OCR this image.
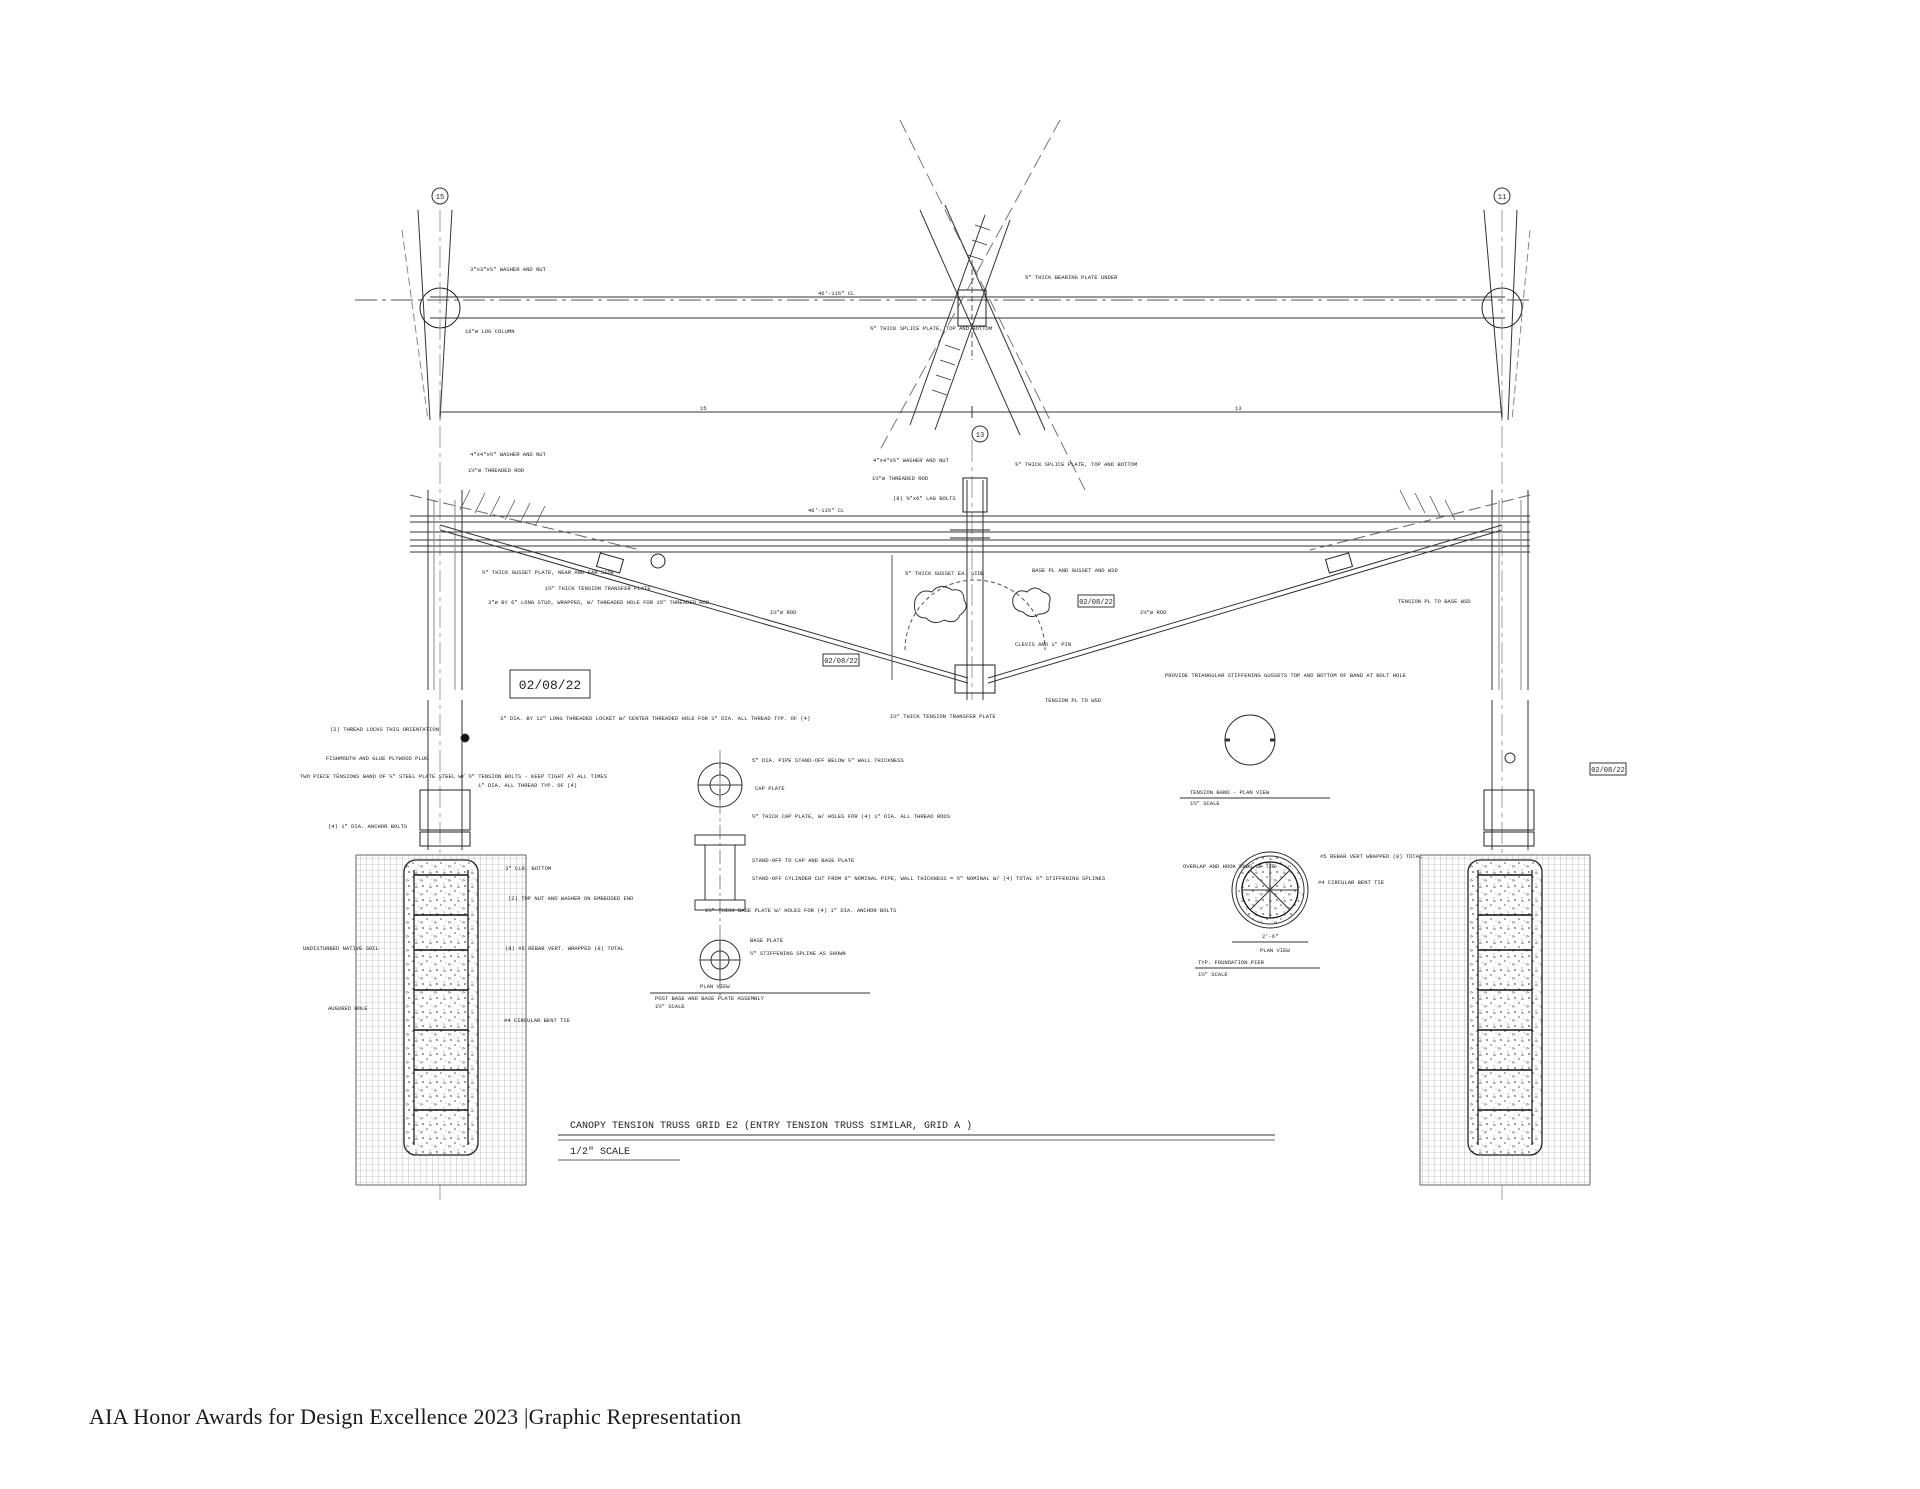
15	11
13
3"x3"x¼" WASHER AND NUT
16"ø LOG COLUMN
¾" THICK BEARING PLATE UNDER
¾" THICK SPLICE PLATE, TOP AND BOTTOM
46'-11½" CL
15	13
4"x4"x½" WASHER AND NUT
1½"ø THREADED ROD
46'-11½" CL
½" THICK GUSSET PLATE, NEAR AND FAR SIDE
1½" THICK TENSION TRANSFER PLATE
3"ø BY 6" LONG STUD, WRAPPED, W/ THREADED HOLE FOR 1½" THREADED ROD
4"x4"x½" WASHER AND NUT
1½"ø THREADED ROD
¾" THICK SPLICE PLATE, TOP AND BOTTOM
(8) ⅝"x6" LAG BOLTS
¾" THICK GUSSET EA. SIDE	BASE PL AND GUSSET AND WSD
CLEVIS AND 1" PIN
TENSION PL TO WSD
1½" THICK TENSION TRANSFER PLATE
TENSION PL TO BASE WSD
1½"ø ROD	1½"ø ROD
PROVIDE TRIANGULAR STIFFENING GUSSETS TOP AND BOTTOM OF BAND AT BOLT HOLE
02/08/22
02/08/22
02/08/22
02/08/22
(2) THREAD LOCKS THIS ORIENTATION
3" DIA. BY 12" LONG THREADED LOCKET W/ CENTER THREADED HOLE FOR 1" DIA. ALL THREAD TYP. OF (4)
FISHMOUTH AND GLUE PLYWOOD PLUG
TWO PIECE TENSIONS BAND OF ¼" STEEL PLATE STEEL W/ ½" TENSION BOLTS - KEEP TIGHT AT ALL TIMES
1" DIA. ALL THREAD TYP. OF (4)
(4) 1" DIA. ANCHOR BOLTS
3" CLR. BOTTOM
(2) TOP NUT AND WASHER ON EMBEDDED END
UNDISTURBED NATIVE SOIL	(8) #5 REBAR VERT. WRAPPED (8) TOTAL
AUGURED HOLE
#4 CIRCULAR BENT TIE
5" DIA. PIPE STAND-OFF BELOW ¼" WALL THICKNESS
CAP PLATE
½" THICK CAP PLATE, W/ HOLES FOR (4) 1" DIA. ALL THREAD RODS
STAND-OFF TO CAP AND BASE PLATE
STAND-OFF CYLINDER CUT FROM 6" NOMINAL PIPE, WALL THICKNESS = ½" NOMINAL W/ (4) TOTAL ½" STIFFENING SPLINES
1½" THICK BASE PLATE W/ HOLES FOR (4) 1" DIA. ANCHOR BOLTS
BASE PLATE
½" STIFFENING SPLINE AS SHOWN
PLAN VIEW
POST BASE AND BASE PLATE ASSEMBLY
1½" SCALE
TENSION BAND - PLAN VIEW
1½" SCALE
#5 REBAR VERT WRAPPED (8) TOTAL
OVERLAP AND HOOK ENDS OF TIE
#4 CIRCULAR BENT TIE
2'-6"
PLAN VIEW
TYP. FOUNDATION PIER
1½" SCALE
CANOPY TENSION TRUSS GRID E2 (ENTRY TENSION TRUSS SIMILAR, GRID A )
1/2" SCALE
AIA Honor Awards for Design Excellence 2023 |Graphic Representation
